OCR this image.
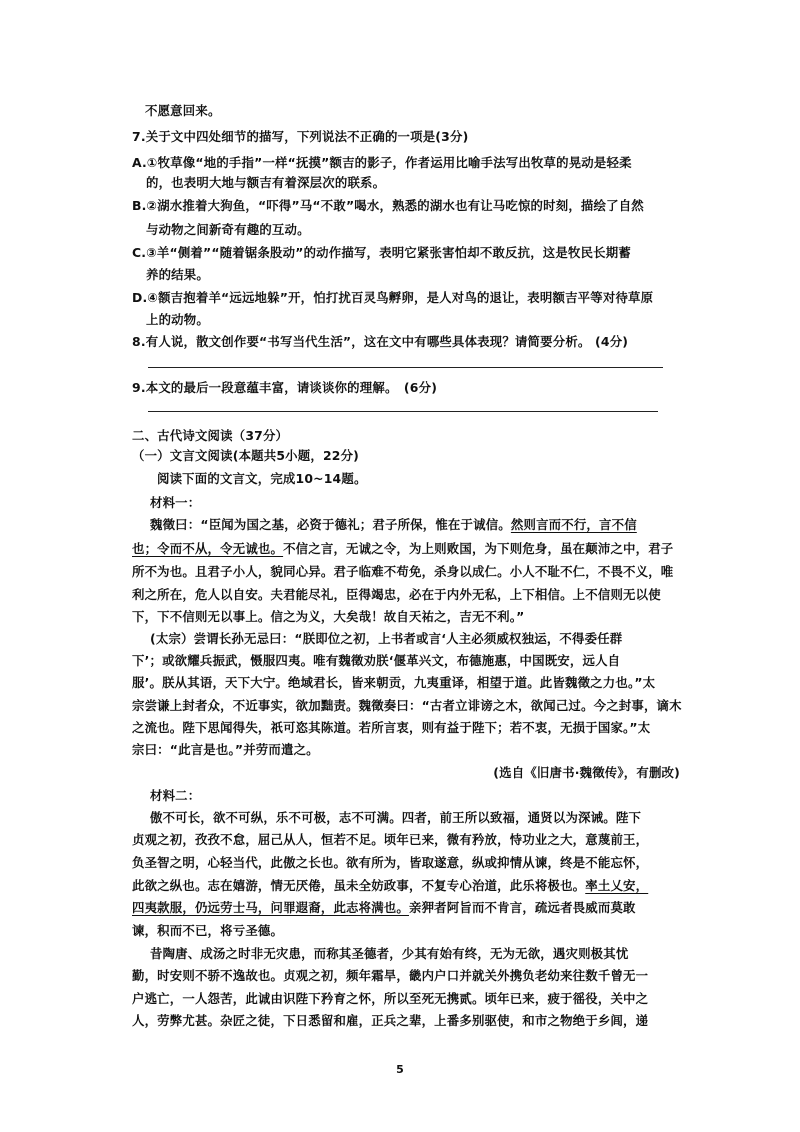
不愿意回来。
7.关于文中四处细节的描写，下列说法不正确的一项是(3分)
A.①牧草像“地的手指”一样“抚摸”额吉的影子，作者运用比喻手法写出牧草的晃动是轻柔
的，也表明大地与额吉有着深层次的联系。
B.②湖水推着大狗鱼，“吓得”马“不敢”喝水，熟悉的湖水也有让马吃惊的时刻，描绘了自然
与动物之间新奇有趣的互动。
C.③羊“侧着”“随着锯条股动”的动作描写，表明它紧张害怕却不敢反抗，这是牧民长期蓄
养的结果。
D.④额吉抱着羊“远远地躲”开，怕打扰百灵鸟孵卵，是人对鸟的退让，表明额吉平等对待草原
上的动物。
8.有人说，散文创作要“书写当代生活”，这在文中有哪些具体表现？请简要分析。 (4分)
9.本文的最后一段意蕴丰富，请谈谈你的理解。　(6分)
二、古代诗文阅读（37分）
（一）文言文阅读(本题共5小题，22分)
阅读下面的文言文，完成10~14题。
材料一：
魏徵曰：“臣闻为国之基，必资于德礼；君子所保，惟在于诚信。然则言而不行，言不信
也；令而不从，令无诚也。不信之言，无诚之令，为上则败国，为下则危身，虽在颠沛之中，君子
所不为也。且君子小人，貌同心异。君子临难不苟免，杀身以成仁。小人不耻不仁，不畏不义，唯
利之所在，危人以自安。夫君能尽礼，臣得竭忠，必在于内外无私，上下相信。上不信则无以使
下，下不信则无以事上。信之为义，大矣哉！故自天祐之，吉无不利。”
(太宗）尝谓长孙无忌曰：“朕即位之初，上书者或言‘人主必须威权独运，不得委任群
下’；或欲耀兵振武，慑服四夷。唯有魏徵劝朕‘偃革兴文，布德施惠，中国既安，远人自
服’。朕从其语，天下大宁。绝域君长，皆来朝贡，九夷重译，相望于道。此皆魏徵之力也。”太
宗尝谦上封者众，不近事实，欲加黜责。魏徵奏曰：“古者立诽谤之木，欲闻己过。今之封事，谪木
之流也。陛下思闻得失，祇可恣其陈道。若所言衷，则有益于陛下；若不衷，无损于国家。”太
宗曰：“此言是也。”并劳而遣之。
(选自《旧唐书·魏徵传》，有删改)
材料二：
傲不可长，欲不可纵，乐不可极，志不可满。四者，前王所以致福，通贤以为深诫。陛下
贞观之初，孜孜不怠，屈己从人，恒若不足。顷年已来，微有矜放，恃功业之大，意蔑前王，
负圣智之明，心轻当代，此傲之长也。欲有所为，皆取遂意，纵或抑情从谏，终是不能忘怀，
此欲之纵也。志在嬉游，情无厌倦，虽未全妨政事，不复专心治道，此乐将极也。率土乂安，
四夷款服，仍远劳士马，问罪遐裔，此志将满也。亲狎者阿旨而不肯言，疏远者畏威而莫敢
谏，积而不已，将亏圣德。
昔陶唐、成汤之时非无灾患，而称其圣德者，少其有始有终，无为无欲，遇灾则极其忧
勤，时安则不骄不逸故也。贞观之初，频年霜旱，畿内户口并就关外携负老幼来往数千曾无一
户逃亡，一人怨苦，此诚由识陛下矜育之怀，所以至死无携贰。顷年已来，疲于徭役，关中之
人，劳弊尤甚。杂匠之徒，下日悉留和雇，正兵之辈，上番多别驱使，和市之物绝于乡闾，递
5
